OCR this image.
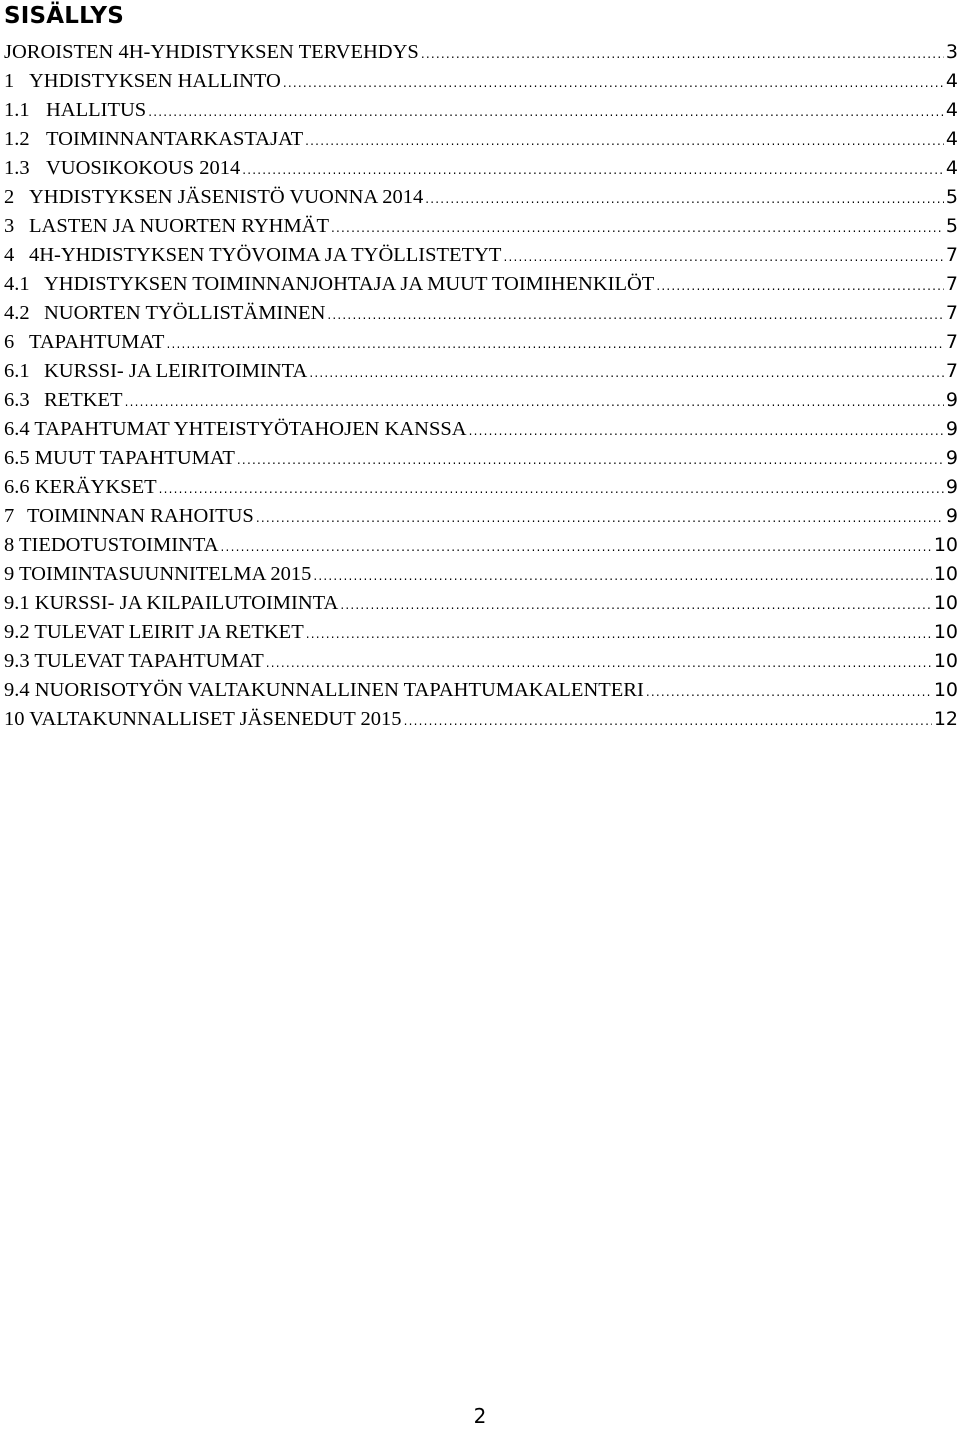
SISÄLLYS
JOROISTEN 4H-YHDISTYKSEN TERVEHDYS .....	3
1 YHDISTYKSEN HALLINTO .....	4
1.1 HALLITUS .....	4
1.2 TOIMINNANTARKASTAJAT .....	4
1.3 VUOSIKOKOUS 2014 .....	4
2 YHDISTYKSEN JÄSENISTÖ VUONNA 2014 .....	5
3 LASTEN JA NUORTEN RYHMÄT .....	5
4 4H-YHDISTYKSEN TYÖVOIMA JA TYÖLLISTETYT .....	7
4.1 YHDISTYKSEN TOIMINNANJOHTAJA JA MUUT TOIMIHENKILÖT .....	7
4.2 NUORTEN TYÖLLISTÄMINEN .....	7
6 TAPAHTUMAT .....	7
6.1 KURSSI- JA LEIRITOIMINTA .....	7
6.3 RETKET .....	9
6.4 TAPAHTUMAT YHTEISTYÖTAHOJEN KANSSA .....	9
6.5 MUUT TAPAHTUMAT .....	9
6.6 KERÄYKSET .....	9
7 TOIMINNAN RAHOITUS .....	9
8 TIEDOTUSTOIMINTA .....	10
9 TOIMINTASUUNNITELMA 2015 .....	10
9.1 KURSSI- JA KILPAILUTOIMINTA .....	10
9.2 TULEVAT LEIRIT JA RETKET .....	10
9.3 TULEVAT TAPAHTUMAT .....	10
9.4 NUORISOTYÖN VALTAKUNNALLINEN TAPAHTUMAKALENTERI .....	10
10 VALTAKUNNALLISET JÄSENEDUT 2015 .....	12
2
